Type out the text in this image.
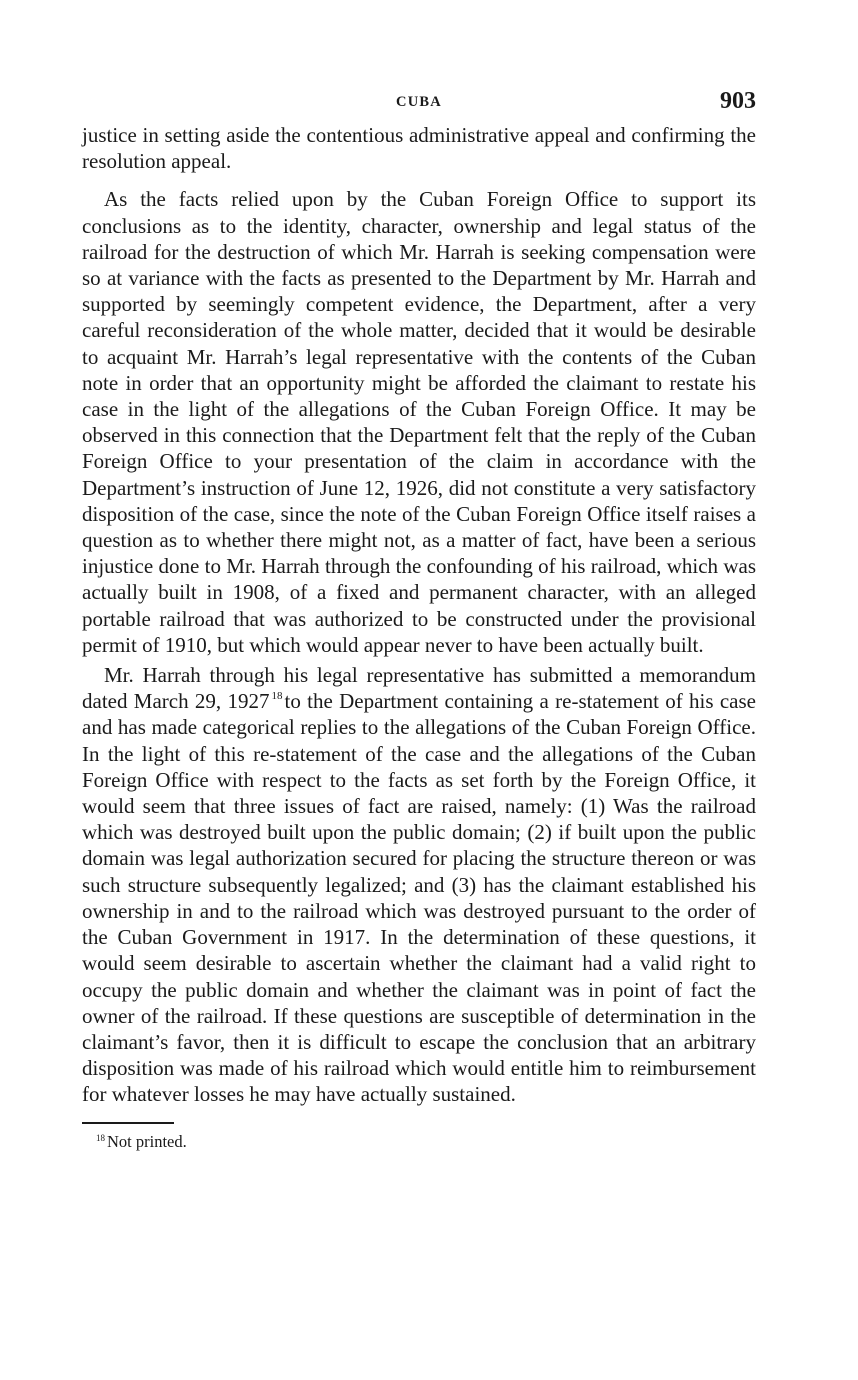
CUBA	903

justice in setting aside the contentious administrative appeal and confirming the resolution appeal.

As the facts relied upon by the Cuban Foreign Office to support its conclusions as to the identity, character, ownership and legal status of the railroad for the destruction of which Mr. Harrah is seeking compensation were so at variance with the facts as presented to the Department by Mr. Harrah and supported by seemingly competent evidence, the Department, after a very careful reconsideration of the whole matter, decided that it would be desirable to acquaint Mr. Harrah’s legal representative with the contents of the Cuban note in order that an opportunity might be afforded the claimant to restate his case in the light of the allegations of the Cuban Foreign Office. It may be observed in this connection that the Department felt that the reply of the Cuban Foreign Office to your presentation of the claim in accordance with the Department’s instruction of June 12, 1926, did not constitute a very satisfactory disposition of the case, since the note of the Cuban Foreign Office itself raises a question as to whether there might not, as a matter of fact, have been a serious injustice done to Mr. Harrah through the confounding of his railroad, which was actually built in 1908, of a fixed and permanent character, with an alleged portable railroad that was authorized to be constructed under the provisional permit of 1910, but which would appear never to have been actually built.

Mr. Harrah through his legal representative has submitted a memorandum dated March 29, 1927 $^{18}$to the Department containing a re-statement of his case and has made categorical replies to the allegations of the Cuban Foreign Office. In the light of this re-statement of the case and the allegations of the Cuban Foreign Office with respect to the facts as set forth by the Foreign Office, it would seem that three issues of fact are raised, namely: (1) Was the railroad which was destroyed built upon the public domain; (2) if built upon the public domain was legal authorization secured for placing the structure thereon or was such structure subsequently legalized; and (3) has the claimant established his ownership in and to the railroad which was destroyed pursuant to the order of the Cuban Government in 1917. In the determination of these questions, it would seem desirable to ascertain whether the claimant had a valid right to occupy the public domain and whether the claimant was in point of fact the owner of the railroad. If these questions are susceptible of determination in the claimant’s favor, then it is difficult to escape the conclusion that an arbitrary disposition was made of his railroad which would entitle him to reimbursement for whatever losses he may have actually sustained.

$^{18}$ Not printed.
